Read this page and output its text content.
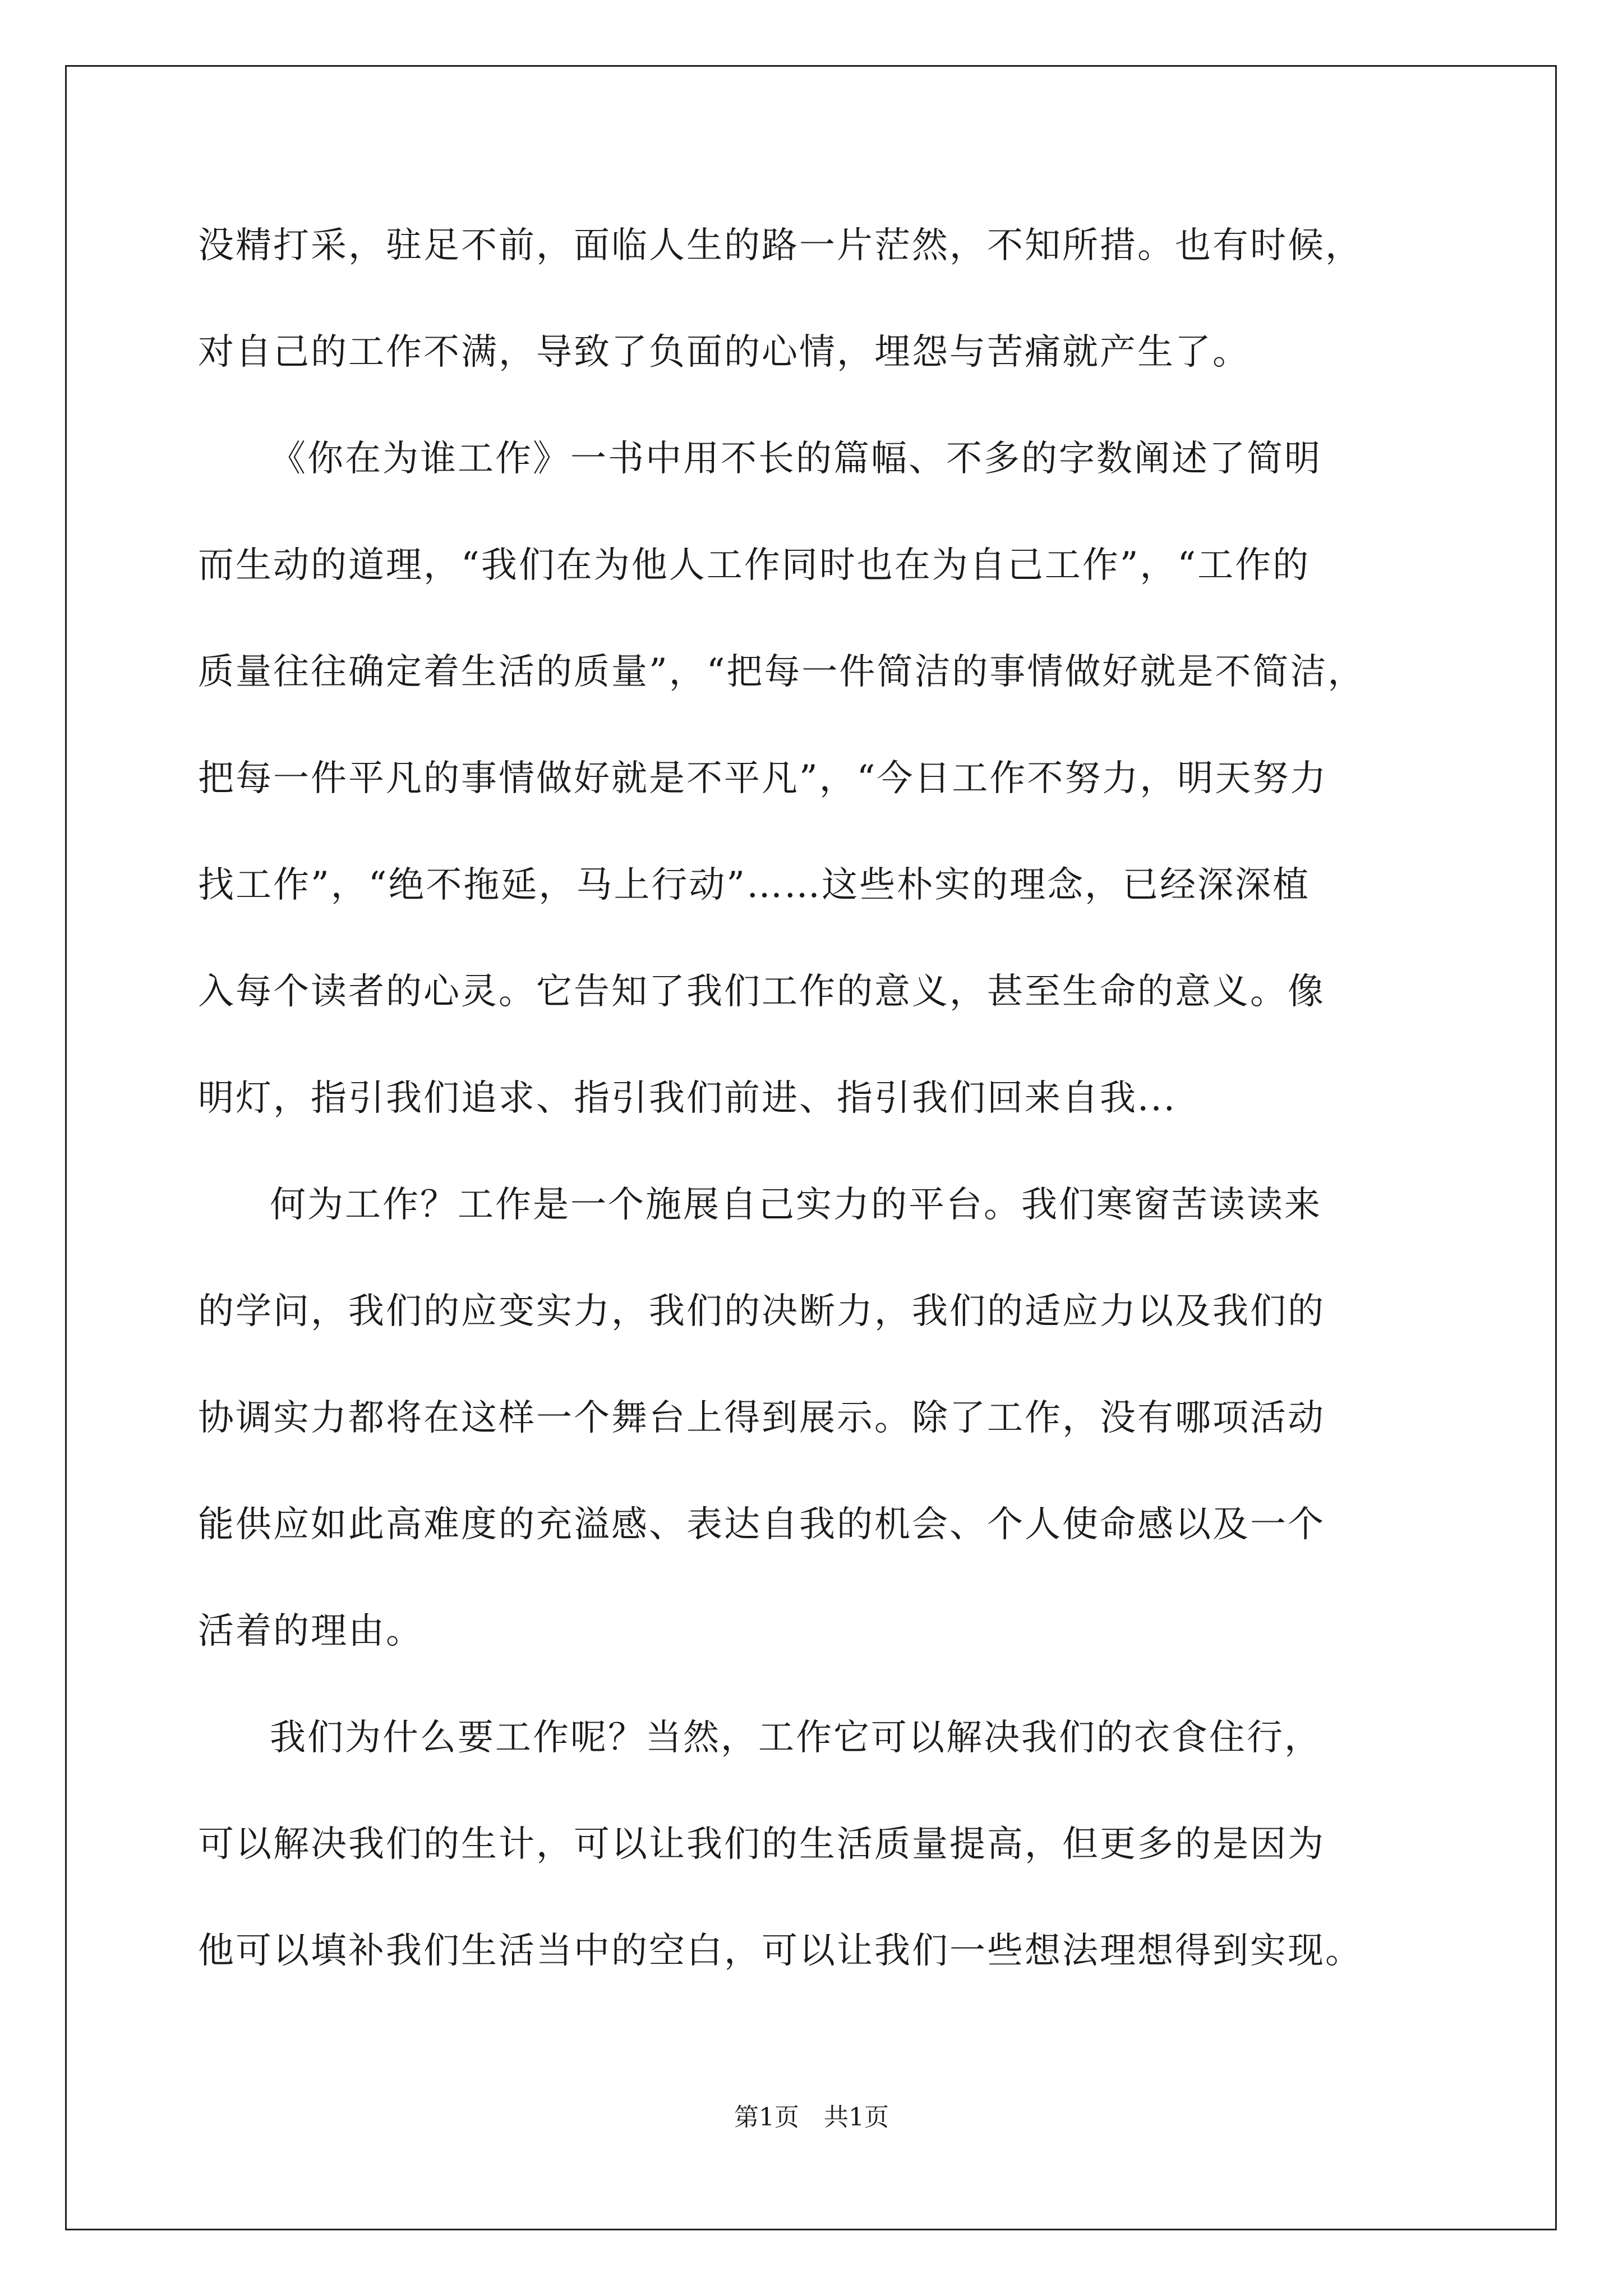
没精打采，驻足不前，面临人生的路一片茫然，不知所措。也有时候，
对自己的工作不满，导致了负面的心情，埋怨与苦痛就产生了。
《你在为谁工作》一书中用不长的篇幅、不多的字数阐述了简明
而生动的道理，“我们在为他人工作同时也在为自己工作”，“工作的
质量往往确定着生活的质量”，“把每一件简洁的事情做好就是不简洁，
把每一件平凡的事情做好就是不平凡”，“今日工作不努力，明天努力
找工作”，“绝不拖延，马上行动”……这些朴实的理念，已经深深植
入每个读者的心灵。它告知了我们工作的意义，甚至生命的意义。像
明灯，指引我们追求、指引我们前进、指引我们回来自我...
何为工作？工作是一个施展自己实力的平台。我们寒窗苦读读来
的学问，我们的应变实力，我们的决断力，我们的适应力以及我们的
协调实力都将在这样一个舞台上得到展示。除了工作，没有哪项活动
能供应如此高难度的充溢感、表达自我的机会、个人使命感以及一个
活着的理由。
我们为什么要工作呢？当然，工作它可以解决我们的衣食住行，
可以解决我们的生计，可以让我们的生活质量提高，但更多的是因为
他可以填补我们生活当中的空白，可以让我们一些想法理想得到实现。
第1页　共1页
